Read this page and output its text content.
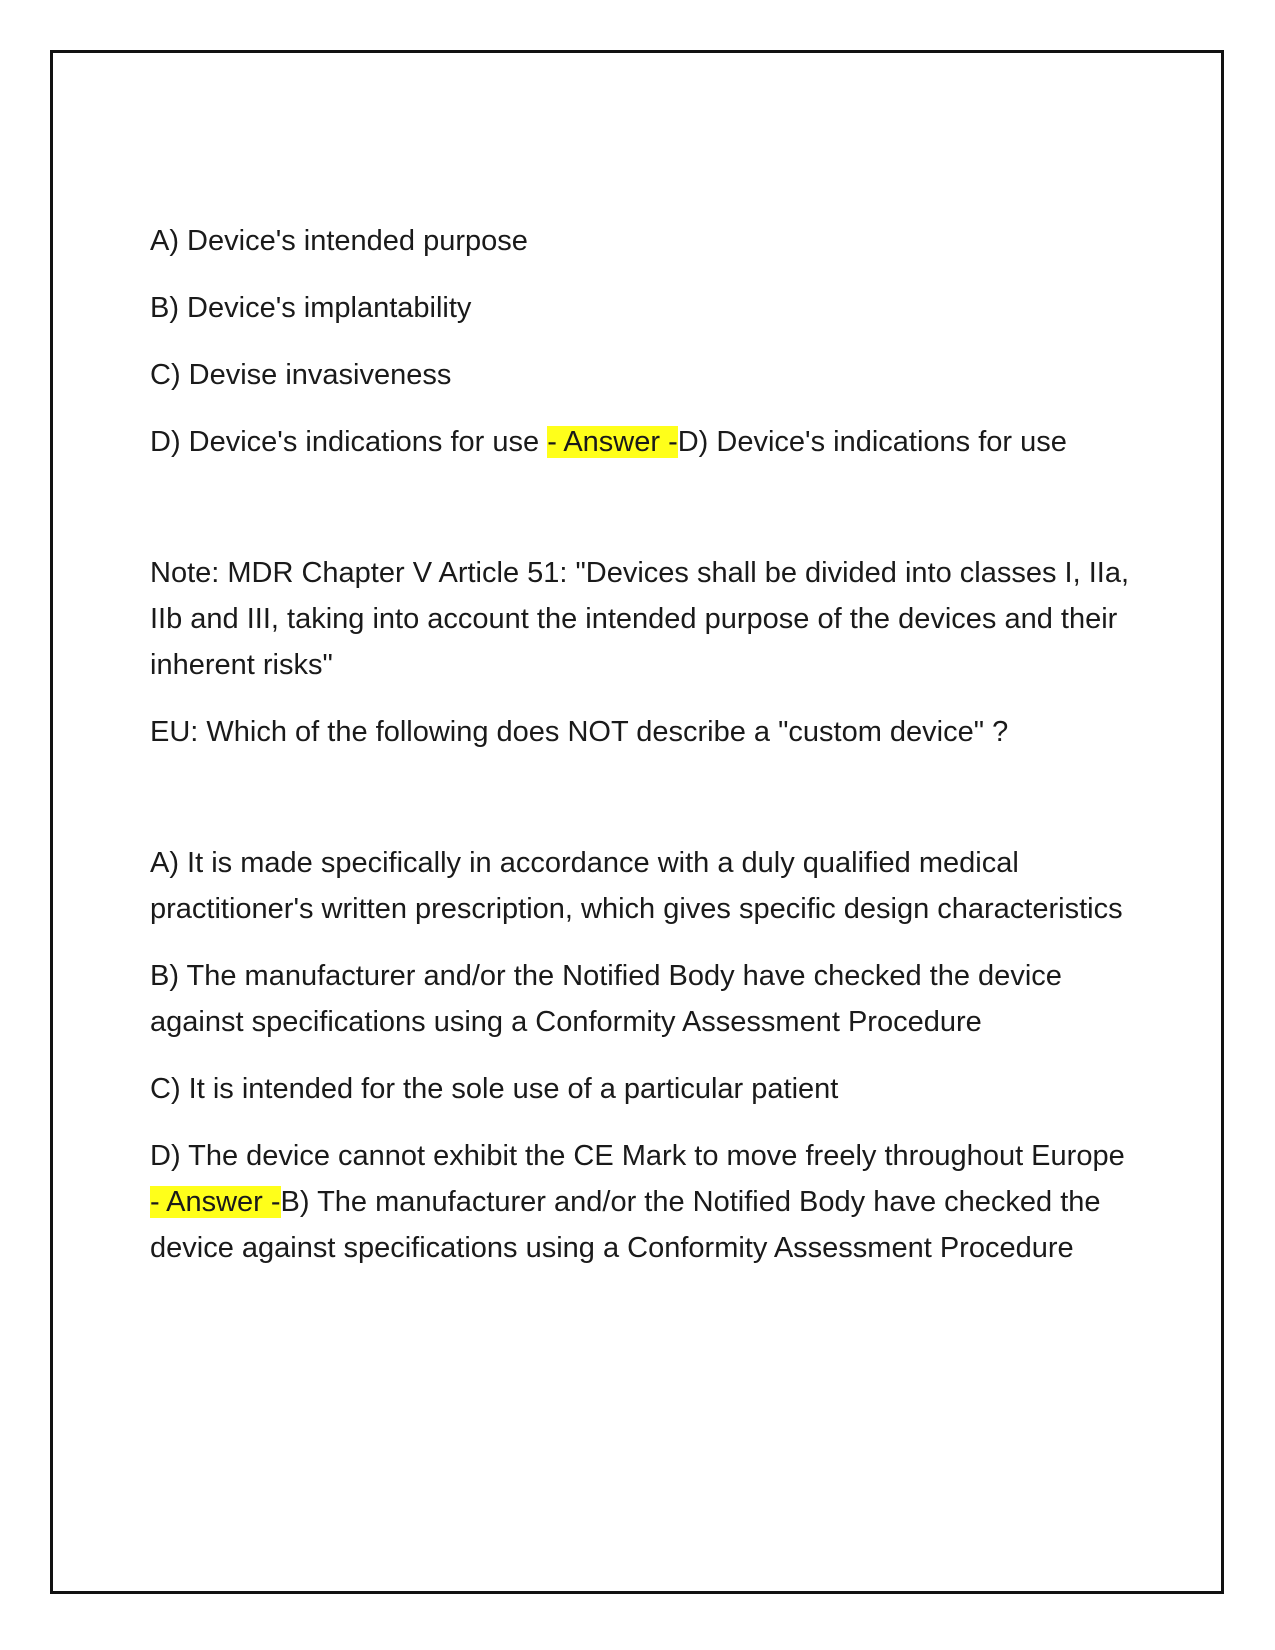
A) Device's intended purpose

B) Device's implantability

C) Devise invasiveness

D) Device's indications for use - Answer -D) Device's indications for use

Note: MDR Chapter V Article 51: "Devices shall be divided into classes I, IIa, IIb and III, taking into account the intended purpose of the devices and their inherent risks"

EU: Which of the following does NOT describe a "custom device" ?

A) It is made specifically in accordance with a duly qualified medical practitioner's written prescription, which gives specific design characteristics

B) The manufacturer and/or the Notified Body have checked the device against specifications using a Conformity Assessment Procedure

C) It is intended for the sole use of a particular patient

D) The device cannot exhibit the CE Mark to move freely throughout Europe - Answer -B) The manufacturer and/or the Notified Body have checked the device against specifications using a Conformity Assessment Procedure
